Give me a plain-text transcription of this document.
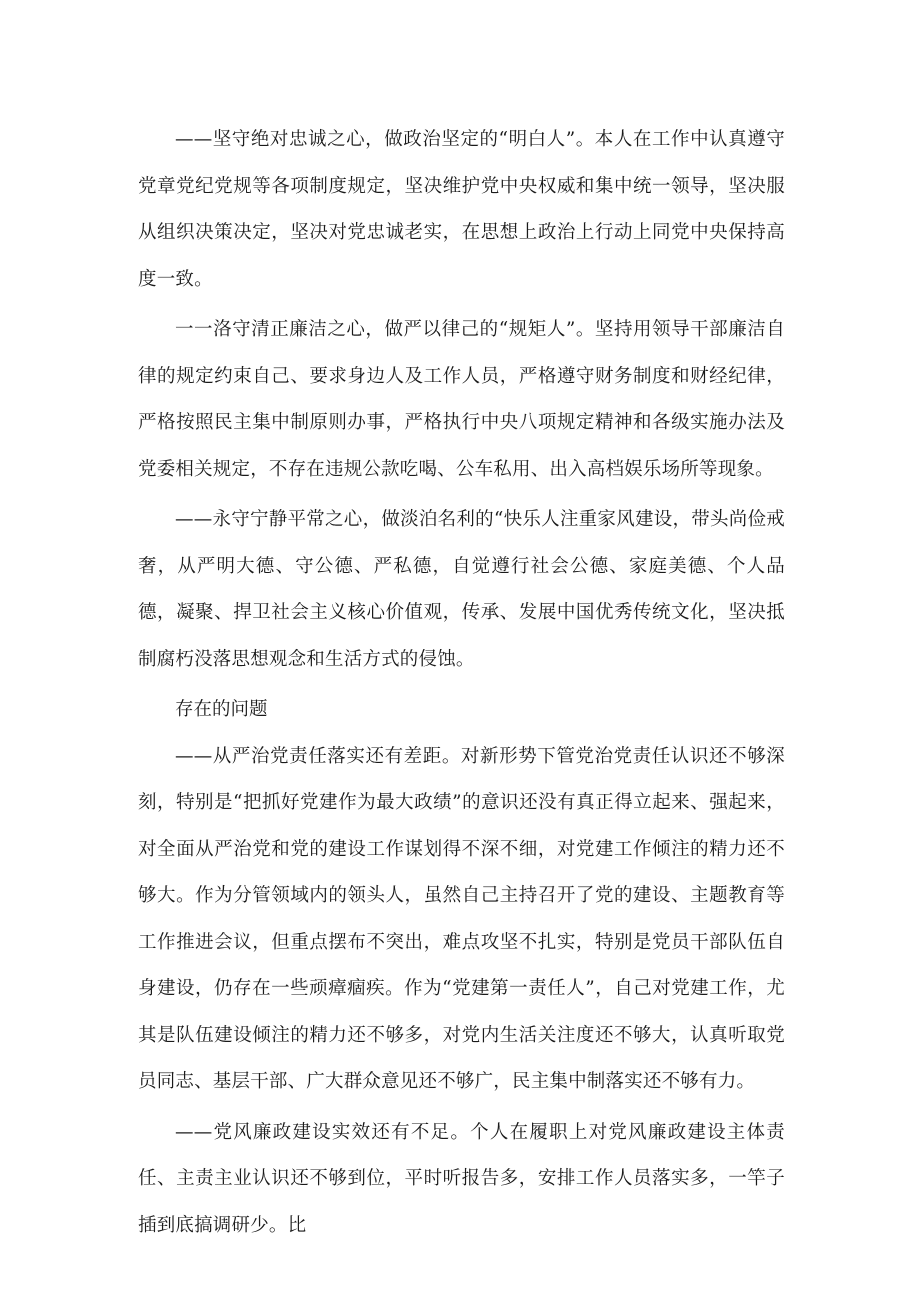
——坚守绝对忠诚之心，做政治坚定的“明白人”。本人在工作中认真遵守党章党纪党规等各项制度规定，坚决维护党中央权威和集中统一领导，坚决服从组织决策决定，坚决对党忠诚老实，在思想上政治上行动上同党中央保持高度一致。

一一洛守清正廉洁之心，做严以律己的“规矩人”。坚持用领导干部廉洁自律的规定约束自己、要求身边人及工作人员，严格遵守财务制度和财经纪律，严格按照民主集中制原则办事，严格执行中央八项规定精神和各级实施办法及党委相关规定，不存在违规公款吃喝、公车私用、出入高档娱乐场所等现象。

——永守宁静平常之心，做淡泊名利的“快乐人注重家风建设，带头尚俭戒奢，从严明大德、守公德、严私德，自觉遵行社会公德、家庭美德、个人品德，凝聚、捍卫社会主义核心价值观，传承、发展中国优秀传统文化，坚决抵制腐朽没落思想观念和生活方式的侵蚀。

存在的问题

——从严治党责任落实还有差距。对新形势下管党治党责任认识还不够深刻，特别是“把抓好党建作为最大政绩”的意识还没有真正得立起来、强起来，对全面从严治党和党的建设工作谋划得不深不细，对党建工作倾注的精力还不够大。作为分管领域内的领头人，虽然自己主持召开了党的建设、主题教育等工作推进会议，但重点摆布不突出，难点攻坚不扎实，特别是党员干部队伍自身建设，仍存在一些顽瘴痼疾。作为“党建第一责任人”，自己对党建工作，尤其是队伍建设倾注的精力还不够多，对党内生活关注度还不够大，认真听取党员同志、基层干部、广大群众意见还不够广，民主集中制落实还不够有力。

——党风廉政建设实效还有不足。个人在履职上对党风廉政建设主体责任、主责主业认识还不够到位，平时听报告多，安排工作人员落实多，一竿子插到底搞调研少。比
